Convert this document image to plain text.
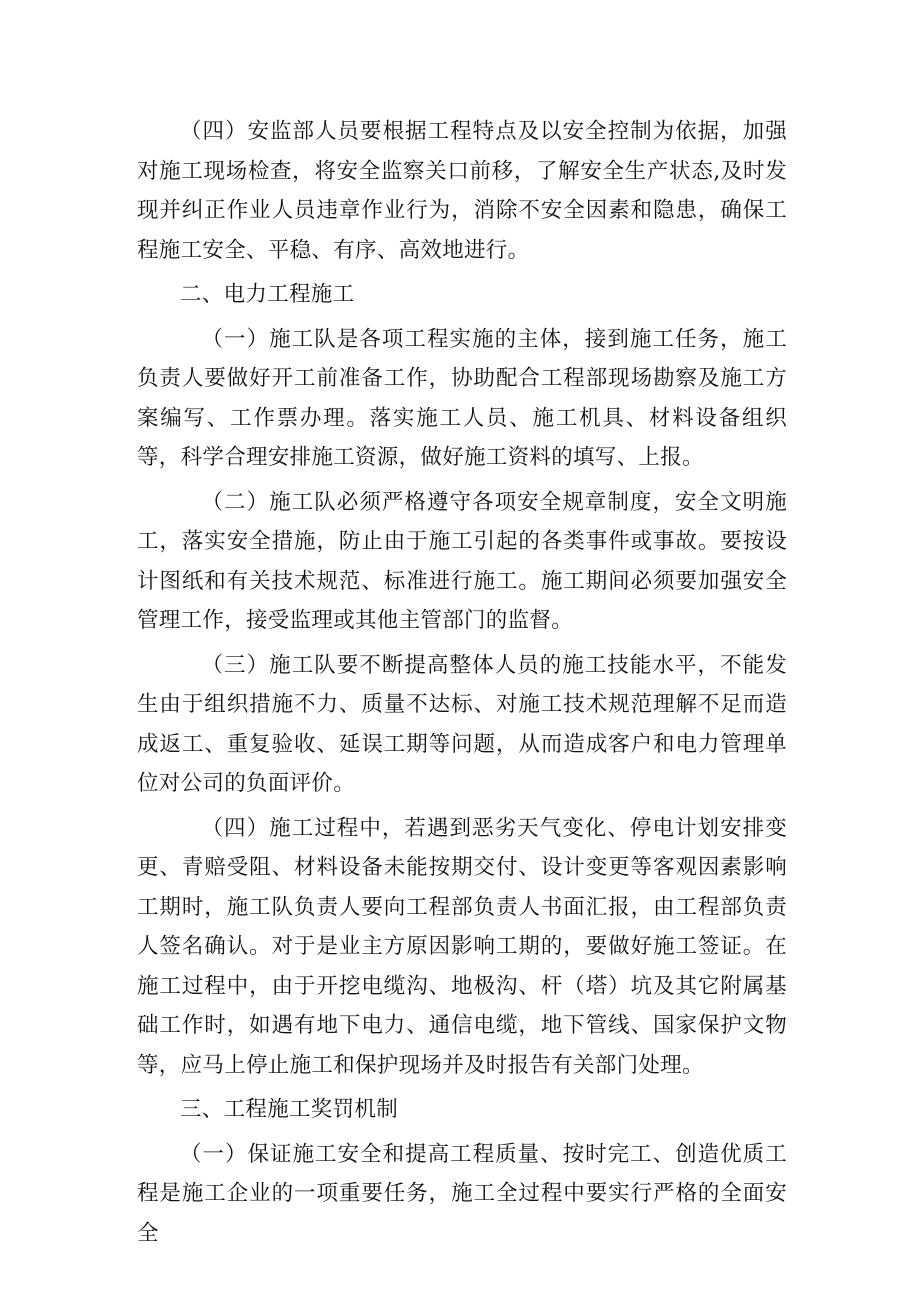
（四）安监部人员要根据工程特点及以安全控制为依据，加强对施工现场检查，将安全监察关口前移，了解安全生产状态,及时发现并纠正作业人员违章作业行为，消除不安全因素和隐患，确保工程施工安全、平稳、有序、高效地进行。

二、电力工程施工

（一）施工队是各项工程实施的主体，接到施工任务，施工负责人要做好开工前准备工作，协助配合工程部现场勘察及施工方案编写、工作票办理。落实施工人员、施工机具、材料设备组织等，科学合理安排施工资源，做好施工资料的填写、上报。

（二）施工队必须严格遵守各项安全规章制度，安全文明施工，落实安全措施，防止由于施工引起的各类事件或事故。要按设计图纸和有关技术规范、标准进行施工。施工期间必须要加强安全管理工作，接受监理或其他主管部门的监督。

（三）施工队要不断提高整体人员的施工技能水平，不能发生由于组织措施不力、质量不达标、对施工技术规范理解不足而造成返工、重复验收、延误工期等问题，从而造成客户和电力管理单位对公司的负面评价。

（四）施工过程中，若遇到恶劣天气变化、停电计划安排变更、青赔受阻、材料设备未能按期交付、设计变更等客观因素影响工期时，施工队负责人要向工程部负责人书面汇报，由工程部负责人签名确认。对于是业主方原因影响工期的，要做好施工签证。在施工过程中，由于开挖电缆沟、地极沟、杆（塔）坑及其它附属基础工作时，如遇有地下电力、通信电缆，地下管线、国家保护文物等，应马上停止施工和保护现场并及时报告有关部门处理。

三、工程施工奖罚机制

（一）保证施工安全和提高工程质量、按时完工、创造优质工程是施工企业的一项重要任务，施工全过程中要实行严格的全面安全
